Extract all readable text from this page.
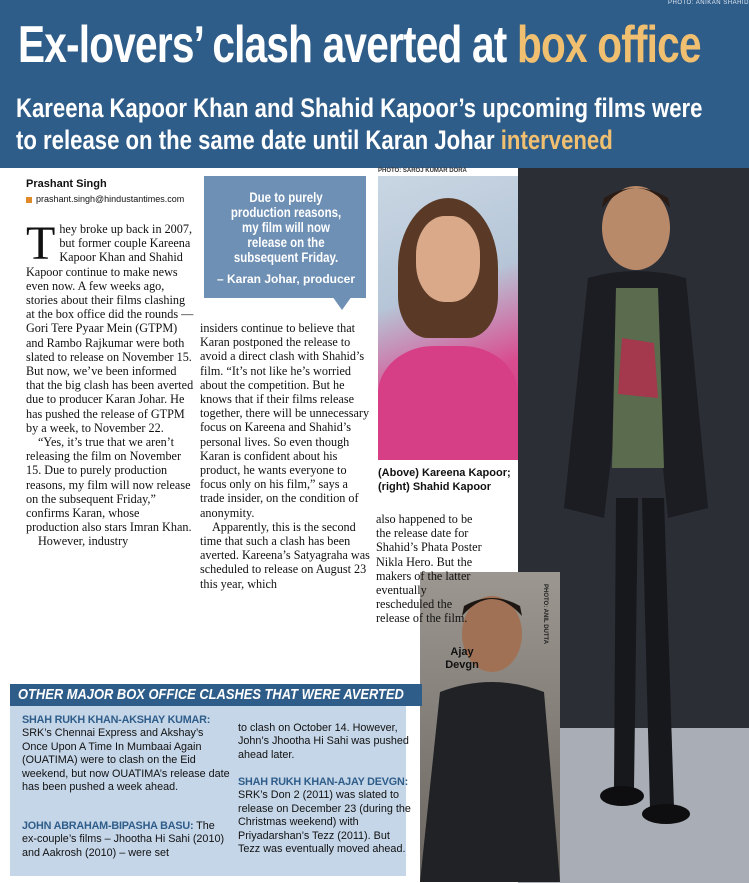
PHOTO: ANIKAN SHAHID
Ex-lovers’ clash averted at box office
Kareena Kapoor Khan and Shahid Kapoor’s upcoming films were
to release on the same date until Karan Johar intervened
PHOTO: SAROJ KUMAR DORA
PHOTO: ANIL DUTTA
(Above) Kareena Kapoor;
(right) Shahid Kapoor
Ajay
Devgn
Prashant Singh
prashant.singh@hindustantimes.com	Due to purely production reasons, my film will now release on the subsequent Friday.
– Karan Johar, producer
T hey broke up back in 2007, but former couple Kareena Kapoor Khan and Shahid Kapoor continue to make news even now. A few weeks ago, stories about their films clashing at the box office did the rounds — Gori Tere Pyaar Mein (GTPM) and Rambo Rajkumar were both slated to release on November 15. But now, we’ve been informed that the big clash has been averted due to producer Karan Johar. He has pushed the release of GTPM by a week, to November 22.

“Yes, it’s true that we aren’t releasing the film on November 15. Due to purely production reasons, my film will now release on the subsequent Friday,” confirms Karan, whose production also stars Imran Khan.

However, industry

insiders continue to believe that Karan postponed the release to avoid a direct clash with Shahid’s film. “It’s not like he’s worried about the competition. But he knows that if their films release together, there will be unnecessary focus on Kareena and Shahid’s personal lives. So even though Karan is confident about his product, he wants everyone to focus only on his film,” says a trade insider, on the condition of anonymity.

Apparently, this is the second time that such a clash has been averted. Kareena’s Satyagraha was scheduled to release on August 23 this year, which

also happened to be the release date for Shahid’s Phata Poster Nikla Hero. But the makers of the latter eventually rescheduled the release of the film.

OTHER MAJOR BOX OFFICE CLASHES THAT WERE AVERTED
SHAH RUKH KHAN-AKSHAY KUMAR: SRK’s Chennai Express and Akshay’s Once Upon A Time In Mumbaai Again (OUATIMA) were to clash on the Eid weekend, but now OUATIMA’s release date has been pushed a week ahead.
JOHN ABRAHAM-BIPASHA BASU: The ex-couple’s films – Jhootha Hi Sahi (2010) and Aakrosh (2010) – were set
to clash on October 14. However, John’s Jhootha Hi Sahi was pushed ahead later.
SHAH RUKH KHAN-AJAY DEVGN: SRK’s Don 2 (2011) was slated to release on December 23 (during the Christmas weekend) with Priyadarshan’s Tezz (2011). But Tezz was eventually moved ahead.
